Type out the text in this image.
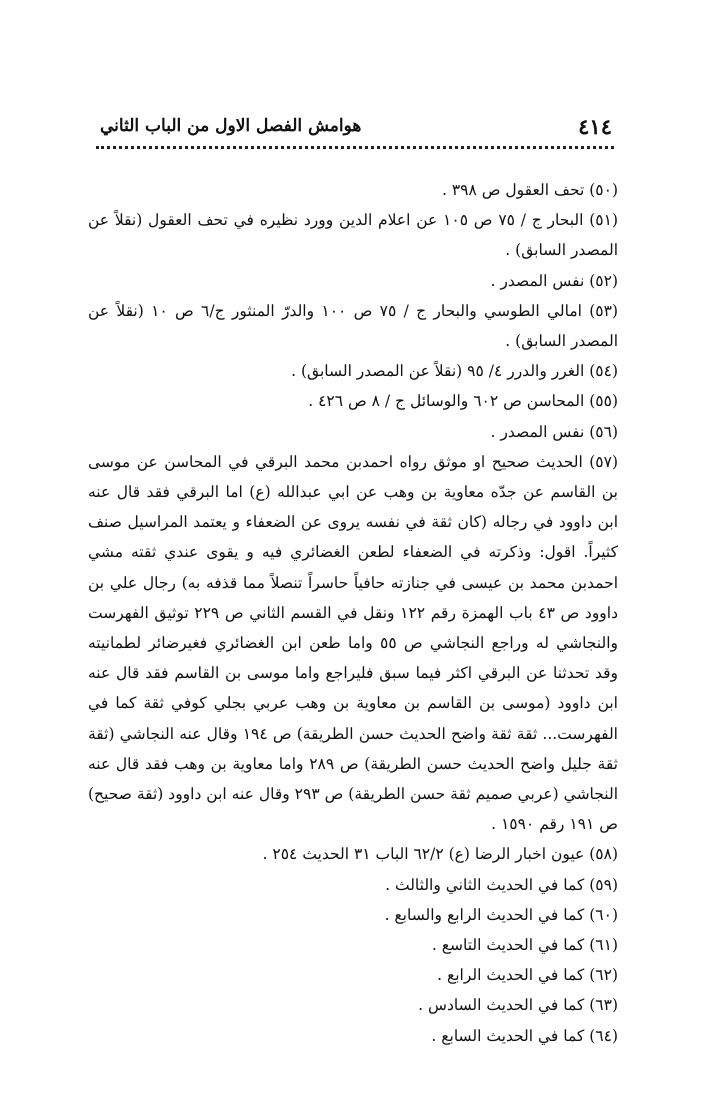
٤١٤
هوامش الفصل الاول من الباب الثاني

(٥٠) تحف العقول ص ٣٩٨ .

(٥١) البحار ج / ٧٥ ص ١٠٥ عن اعلام الدين وورد نظيره في تحف العقول (نقلاً عن المصدر السابق) .

(٥٢) نفس المصدر .

(٥٣) امالي الطوسي والبحار ج / ٧٥ ص ١٠٠ والدرّ المنثور ج/٦ ص ١٠ (نقلاً عن المصدر السابق) .

(٥٤) الغرر والدرر ٤/ ٩٥ (نقلاً عن المصدر السابق) .

(٥٥) المحاسن ص ٦٠٢ والوسائل ج / ٨ ص ٤٢٦ .

(٥٦) نفس المصدر .

(٥٧) الحديث صحيح او موثق رواه احمدبن محمد البرقي في المحاسن عن موسى بن القاسم عن جدّه معاوية بن وهب عن ابي عبدالله (ع) اما البرقي فقد قال عنه ابن داوود في رجاله (كان ثقة في نفسه يروى عن الضعفاء و يعتمد المراسيل صنف كثيراً. اقول: وذكرته في الضعفاء لطعن الغضائري فيه و يقوى عندي ثقته مشي احمدبن محمد بن عيسى في جنازته حافياً حاسراً تنصلاً مما قذفه به) رجال علي بن داوود ص ٤٣ باب الهمزة رقم ١٢٢ ونقل في القسم الثاني ص ٢٢٩ توثيق الفهرست والنجاشي له وراجع النجاشي ص ٥٥ واما طعن ابن الغضائري فغيرضائر لطمانيته وقد تحدثنا عن البرقي اكثر فيما سبق فليراجع واما موسى بن القاسم فقد قال عنه ابن داوود (موسى بن القاسم بن معاوية بن وهب عربي بجلي كوفي ثقة كما في الفهرست... ثقة ثقة واضح الحديث حسن الطريقة) ص ١٩٤ وقال عنه النجاشي (ثقة ثقة جليل واضح الحديث حسن الطريقة) ص ٢٨٩ واما معاوية بن وهب فقد قال عنه النجاشي (عربي صميم ثقة حسن الطريقة) ص ٢٩٣ وقال عنه ابن داوود (ثقة صحيح) ص ١٩١ رقم ١٥٩٠ .

(٥٨) عيون اخبار الرضا (ع) ٦٢/٢ الباب ٣١ الحديث ٢٥٤ .

(٥٩) كما في الحديث الثاني والثالث .

(٦٠) كما في الحديث الرابع والسابع .

(٦١) كما في الحديث التاسع .

(٦٢) كما في الحديث الرابع .

(٦٣) كما في الحديث السادس .

(٦٤) كما في الحديث السابع .
